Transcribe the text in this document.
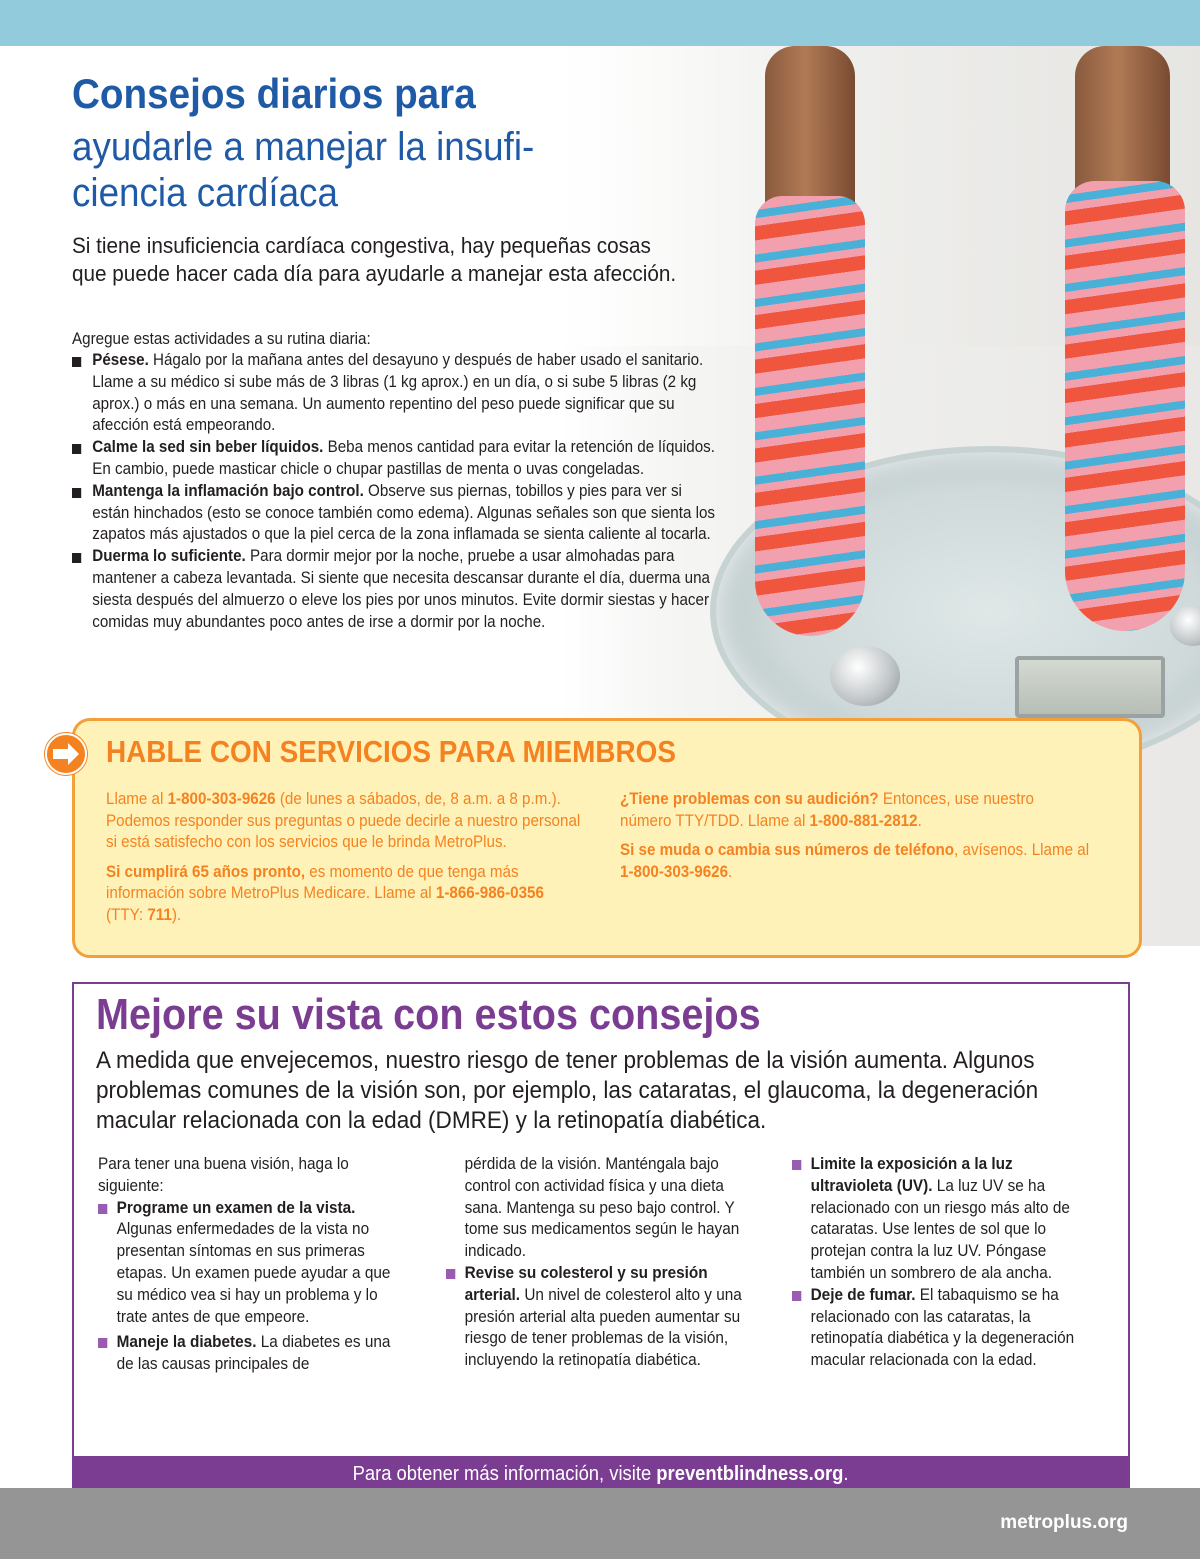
Consejos diarios para
ayudarle a manejar la insufi-ciencia cardíaca
Si tiene insuficiencia cardíaca congestiva, hay pequeñas cosas que puede hacer cada día para ayudarle a manejar esta afección.
Agregue estas actividades a su rutina diaria:
Pésese. Hágalo por la mañana antes del desayuno y después de haber usado el sanitario. Llame a su médico si sube más de 3 libras (1 kg aprox.) en un día, o si sube 5 libras (2 kg aprox.) o más en una semana. Un aumento repentino del peso puede significar que su afección está empeorando.
Calme la sed sin beber líquidos. Beba menos cantidad para evitar la retención de líquidos. En cambio, puede masticar chicle o chupar pastillas de menta o uvas congeladas.
Mantenga la inflamación bajo control. Observe sus piernas, tobillos y pies para ver si están hinchados (esto se conoce también como edema). Algunas señales son que sienta los zapatos más ajustados o que la piel cerca de la zona inflamada se sienta caliente al tocarla.
Duerma lo suficiente. Para dormir mejor por la noche, pruebe a usar almohadas para mantener a cabeza levantada. Si siente que necesita descansar durante el día, duerma una siesta después del almuerzo o eleve los pies por unos minutos. Evite dormir siestas y hacer comidas muy abundantes poco antes de irse a dormir por la noche.
HABLE CON SERVICIOS PARA MIEMBROS

Llame al 1-800-303-9626 (de lunes a sábados, de, 8 a.m. a 8 p.m.). Podemos responder sus preguntas o puede decirle a nuestro personal si está satisfecho con los servicios que le brinda MetroPlus.

Si cumplirá 65 años pronto, es momento de que tenga más información sobre MetroPlus Medicare. Llame al 1-866-986-0356 (TTY: 711).

¿Tiene problemas con su audición? Entonces, use nuestro número TTY/TDD. Llame al 1-800-881-2812.

Si se muda o cambia sus números de teléfono, avísenos. Llame al 1-800-303-9626.

Mejore su vista con estos consejos
A medida que envejecemos, nuestro riesgo de tener problemas de la visión aumenta. Algunos problemas comunes de la visión son, por ejemplo, las cataratas, el glaucoma, la degeneración macular relacionada con la edad (DMRE) y la retinopatía diabética.
Para tener una buena visión, haga lo siguiente:
Programe un examen de la vista. Algunas enfermedades de la vista no presentan síntomas en sus primeras etapas. Un examen puede ayudar a que su médico vea si hay un problema y lo trate antes de que empeore.
Maneje la diabetes. La diabetes es una de las causas principales de
pérdida de la visión. Manténgala bajo control con actividad física y una dieta sana. Mantenga su peso bajo control. Y tome sus medicamentos según le hayan indicado.
Revise su colesterol y su presión arterial. Un nivel de colesterol alto y una presión arterial alta pueden aumentar su riesgo de tener problemas de la visión, incluyendo la retinopatía diabética.
Limite la exposición a la luz ultravioleta (UV). La luz UV se ha relacionado con un riesgo más alto de cataratas. Use lentes de sol que lo protejan contra la luz UV. Póngase también un sombrero de ala ancha.
Deje de fumar. El tabaquismo se ha relacionado con las cataratas, la retinopatía diabética y la degeneración macular relacionada con la edad.
Para obtener más información, visite preventblindness.org.
metroplus.org
